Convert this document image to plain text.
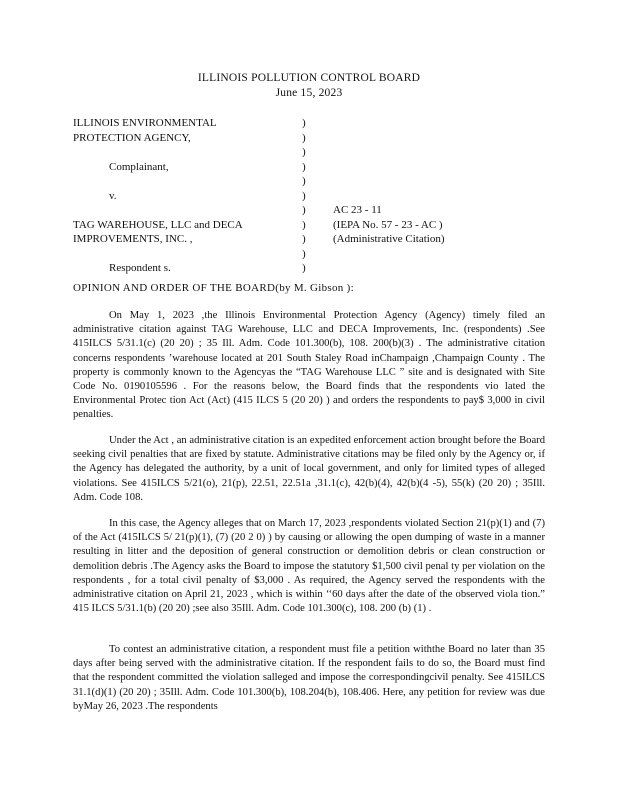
ILLINOIS POLLUTION CONTROL BOARD
June 15, 2023
ILLINOIS ENVIRONMENTAL
PROTECTION AGENCY,
Complainant,
v.
TAG WAREHOUSE, LLC and DECA
IMPROVEMENTS, INC. ,
Respondent s.
)
)
)
)
)
)
)
)
)
)
)
AC 23 - 11
(IEPA No. 57 - 23 - AC )
(Administrative Citation)
OPINION AND ORDER OF THE BOARD(by M. Gibson ):
On May 1, 2023 ,the Illinois Environmental Protection Agency (Agency) timely filed an administrative citation against TAG Warehouse, LLC and DECA Improvements, Inc. (respondents) .See 415ILCS 5/31.1(c) (20 20) ; 35 Ill. Adm. Code 101.300(b), 108. 200(b)(3) . The administrative citation concerns respondents ’warehouse located at 201 South Staley Road inChampaign ,Champaign County . The property is commonly known to the Agencyas the “TAG Warehouse LLC ” site and is designated with Site Code No. 0190105596 . For the reasons below, the Board finds that the respondents vio lated the Environmental Protec tion Act (Act) (415 ILCS 5 (20 20) ) and orders the respondents to pay$ 3,000 in civil penalties.
Under the Act , an administrative citation is an expedited enforcement action brought before the Board seeking civil penalties that are fixed by statute. Administrative citations may be filed only by the Agency or, if the Agency has delegated the authority, by a unit of local government, and only for limited types of alleged violations. See 415ILCS 5/21(o), 21(p), 22.51, 22.51a ,31.1(c), 42(b)(4), 42(b)(4 -5), 55(k) (20 20) ; 35Ill. Adm. Code 108.
In this case, the Agency alleges that on March 17, 2023 ,respondents violated Section 21(p)(1) and (7) of the Act (415ILCS 5/ 21(p)(1), (7) (20 2 0) ) by causing or allowing the open dumping of waste in a manner resulting in litter and the deposition of general construction or demolition debris or clean construction or demolition debris .The Agency asks the Board to impose the statutory $1,500 civil penal ty per violation on the respondents , for a total civil penalty of $3,000 . As required, the Agency served the respondents with the administrative citation on April 21, 2023 , which is within ‘‘60 days after the date of the observed viola tion.” 415 ILCS 5/31.1(b) (20 20) ;see also 35Ill. Adm. Code 101.300(c), 108. 200 (b) (1) .
To contest an administrative citation, a respondent must file a petition withthe Board no later than 35 days after being served with the administrative citation. If the respondent fails to do so, the Board must find that the respondent committed the violation salleged and impose the correspondingcivil penalty. See 415ILCS 31.1(d)(1) (20 20) ; 35Ill. Adm. Code 101.300(b), 108.204(b), 108.406. Here, any petition for review was due byMay 26, 2023 .The respondents
